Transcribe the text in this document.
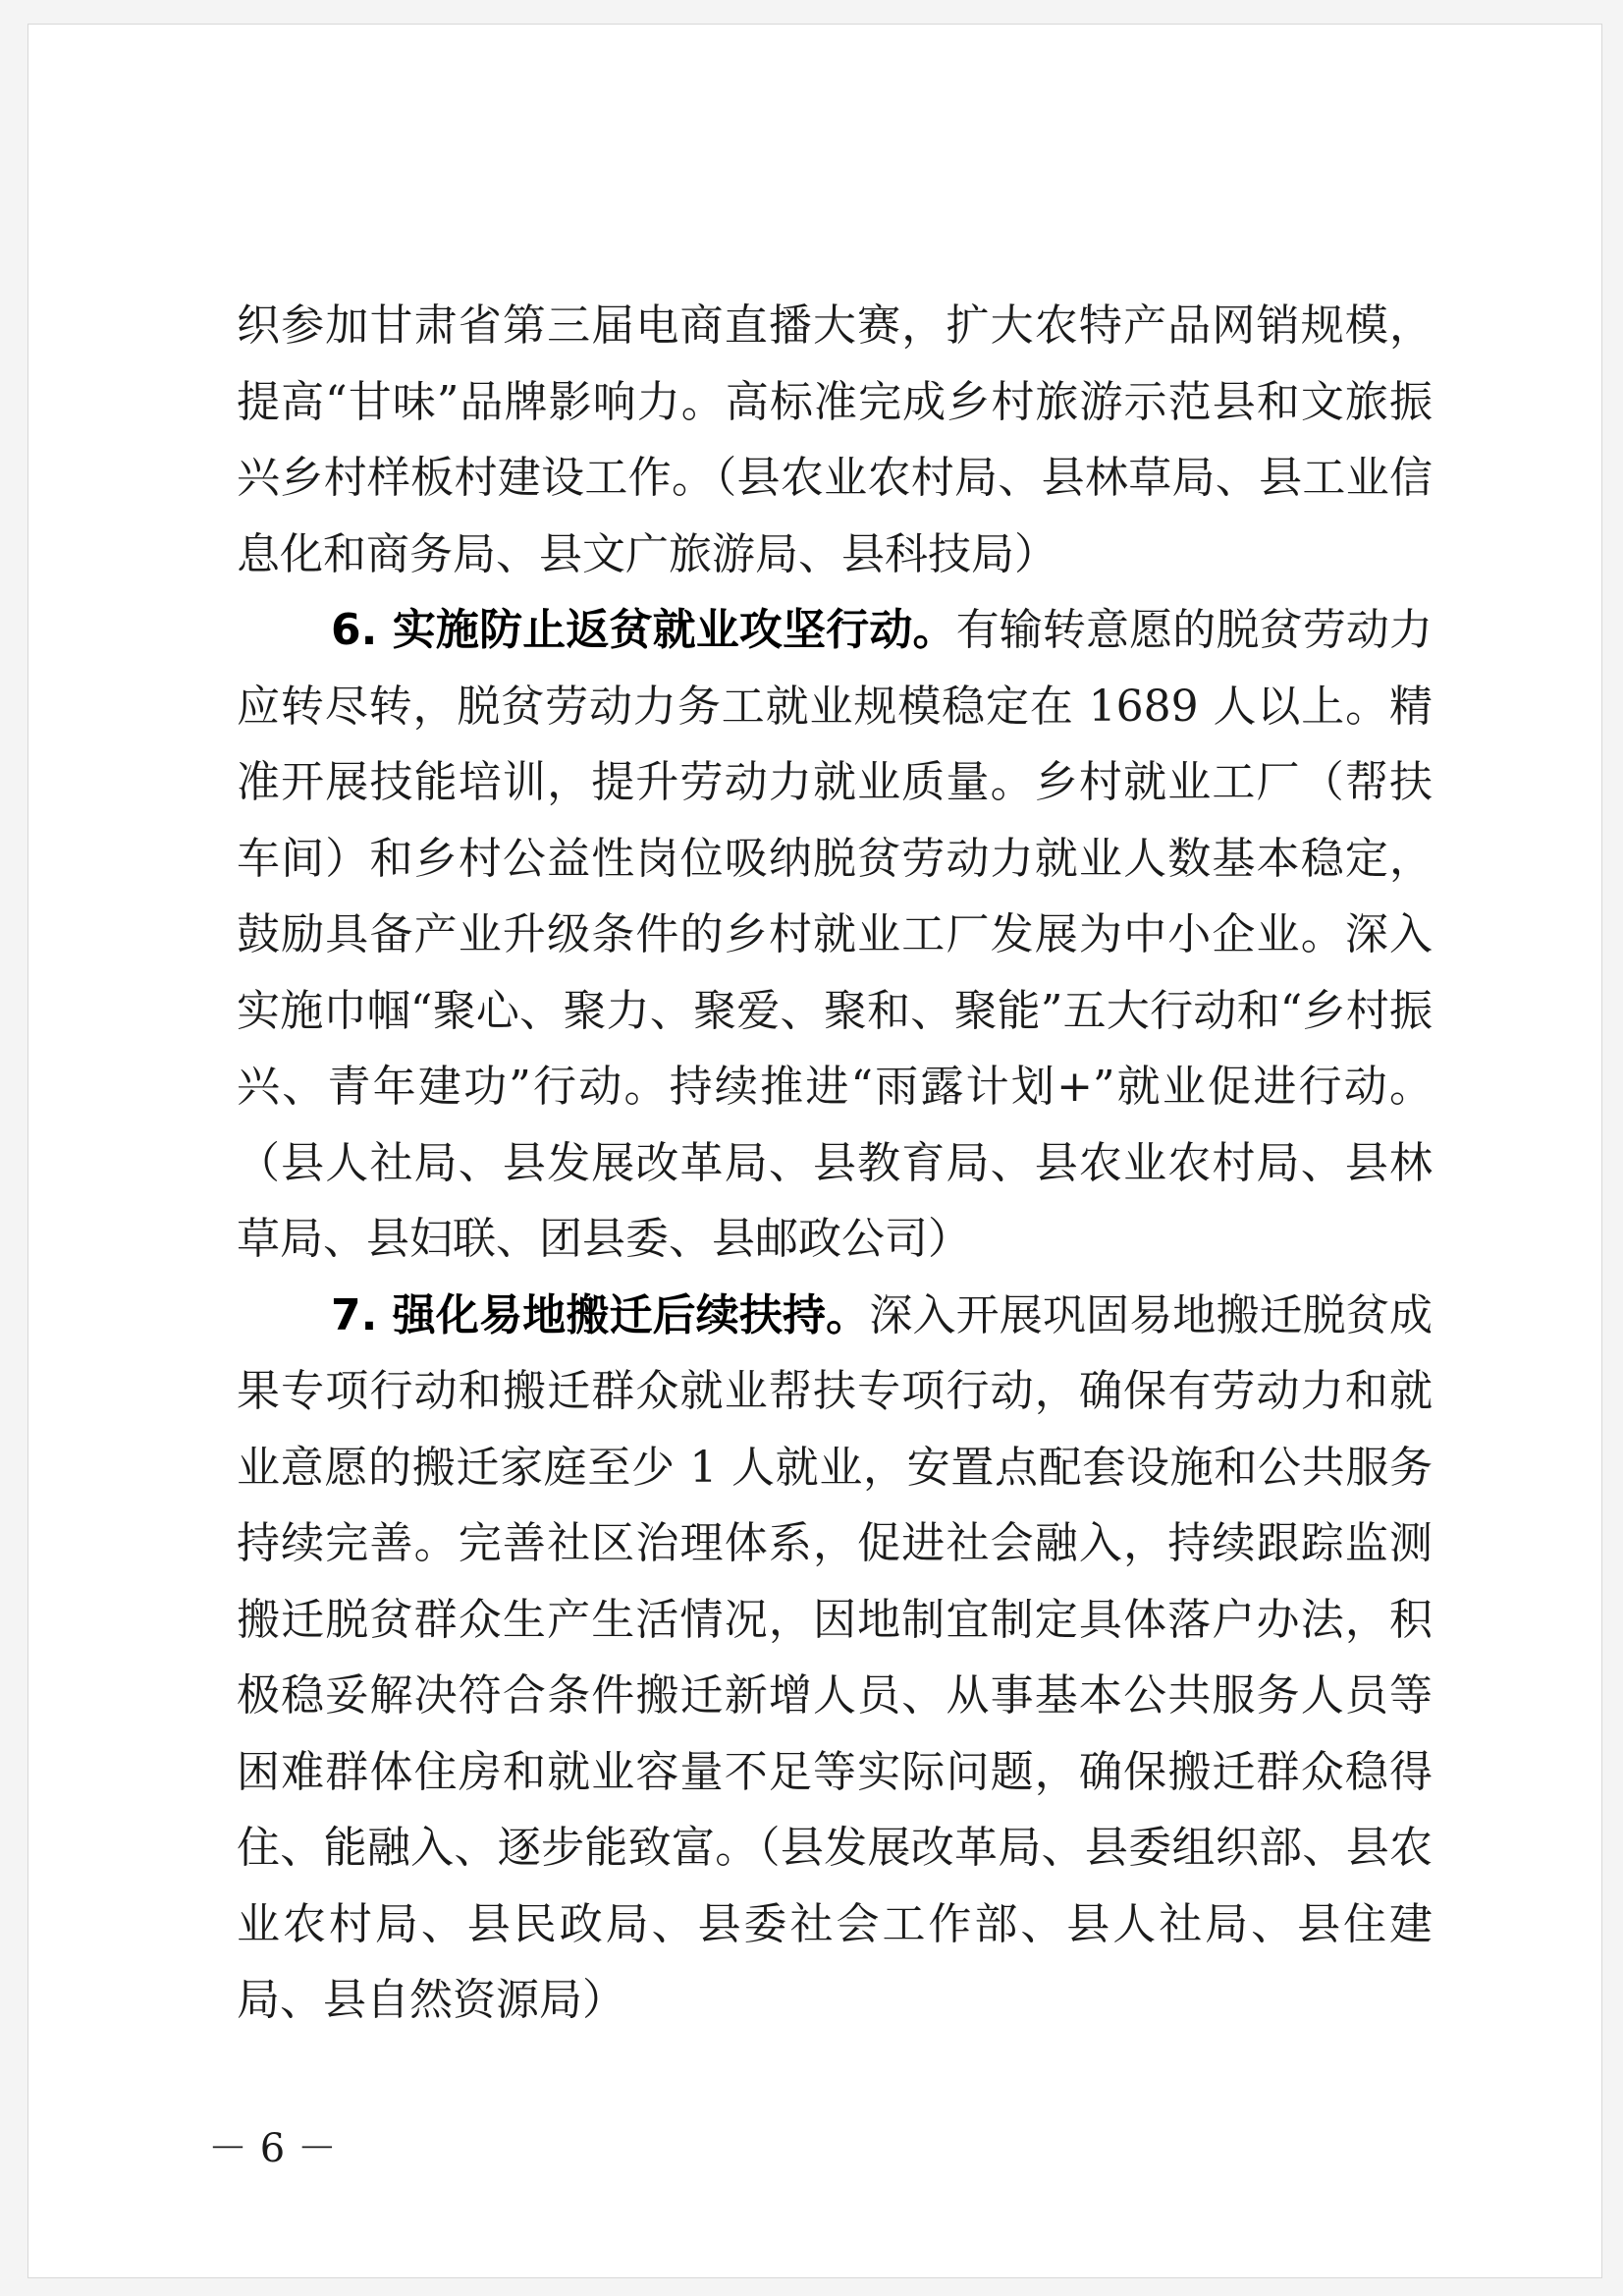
织参加甘肃省第三届电商直播大赛，扩大农特产品网销规模，提高“甘味”品牌影响力。高标准完成乡村旅游示范县和文旅振兴乡村样板村建设工作。（县农业农村局、县林草局、县工业信息化和商务局、县文广旅游局、县科技局）

6. 实施防止返贫就业攻坚行动。有输转意愿的脱贫劳动力应转尽转，脱贫劳动力务工就业规模稳定在 1689 人以上。精准开展技能培训，提升劳动力就业质量。乡村就业工厂（帮扶车间）和乡村公益性岗位吸纳脱贫劳动力就业人数基本稳定，鼓励具备产业升级条件的乡村就业工厂发展为中小企业。深入实施巾帼“聚心、聚力、聚爱、聚和、聚能”五大行动和“乡村振兴、青年建功”行动。持续推进“雨露计划+”就业促进行动。（县人社局、县发展改革局、县教育局、县农业农村局、县林草局、县妇联、团县委、县邮政公司）

7. 强化易地搬迁后续扶持。深入开展巩固易地搬迁脱贫成果专项行动和搬迁群众就业帮扶专项行动，确保有劳动力和就业意愿的搬迁家庭至少 1 人就业，安置点配套设施和公共服务持续完善。完善社区治理体系，促进社会融入，持续跟踪监测搬迁脱贫群众生产生活情况，因地制宜制定具体落户办法，积极稳妥解决符合条件搬迁新增人员、从事基本公共服务人员等困难群体住房和就业容量不足等实际问题，确保搬迁群众稳得住、能融入、逐步能致富。（县发展改革局、县委组织部、县农业农村局、县民政局、县委社会工作部、县人社局、县住建局、县自然资源局）

－ 6 －
